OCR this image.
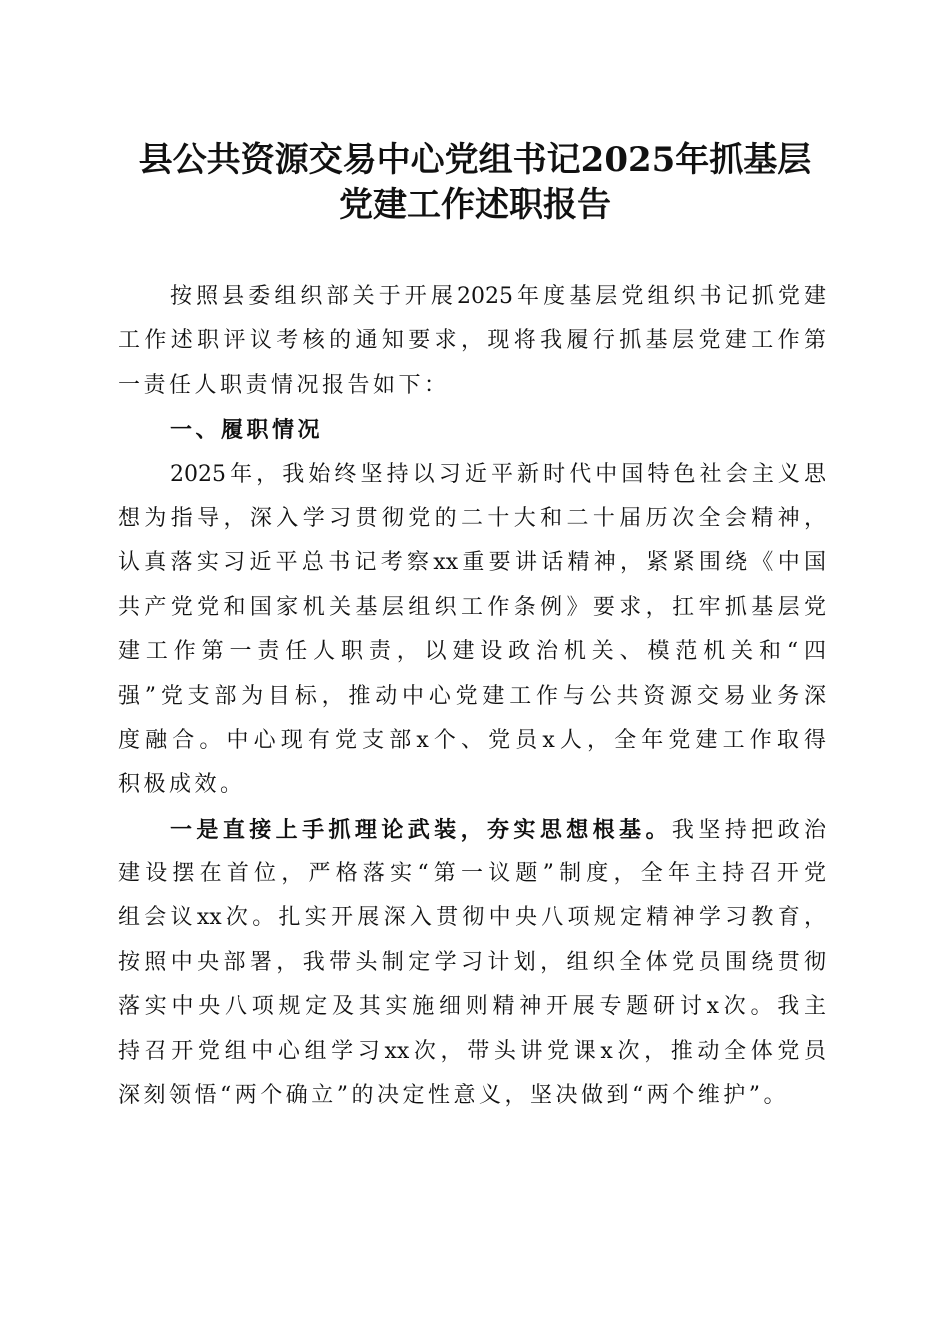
县公共资源交易中心党组书记2025年抓基层
党建工作述职报告
按照县委组织部关于开展2025年度基层党组织书记抓党建
工作述职评议考核的通知要求，现将我履行抓基层党建工作第
一责任人职责情况报告如下：
一、履职情况
2025年，我始终坚持以习近平新时代中国特色社会主义思
想为指导，深入学习贯彻党的二十大和二十届历次全会精神，
认真落实习近平总书记考察xx重要讲话精神，紧紧围绕《中国
共产党党和国家机关基层组织工作条例》要求，扛牢抓基层党
建工作第一责任人职责，以建设政治机关、模范机关和“四
强”党支部为目标，推动中心党建工作与公共资源交易业务深
度融合。中心现有党支部x个、党员x人，全年党建工作取得
积极成效。
一是直接上手抓理论武装，夯实思想根基。我坚持把政治
建设摆在首位，严格落实“第一议题”制度，全年主持召开党
组会议xx次。扎实开展深入贯彻中央八项规定精神学习教育，
按照中央部署，我带头制定学习计划，组织全体党员围绕贯彻
落实中央八项规定及其实施细则精神开展专题研讨x次。我主
持召开党组中心组学习xx次，带头讲党课x次，推动全体党员
深刻领悟“两个确立”的决定性意义，坚决做到“两个维护”。
